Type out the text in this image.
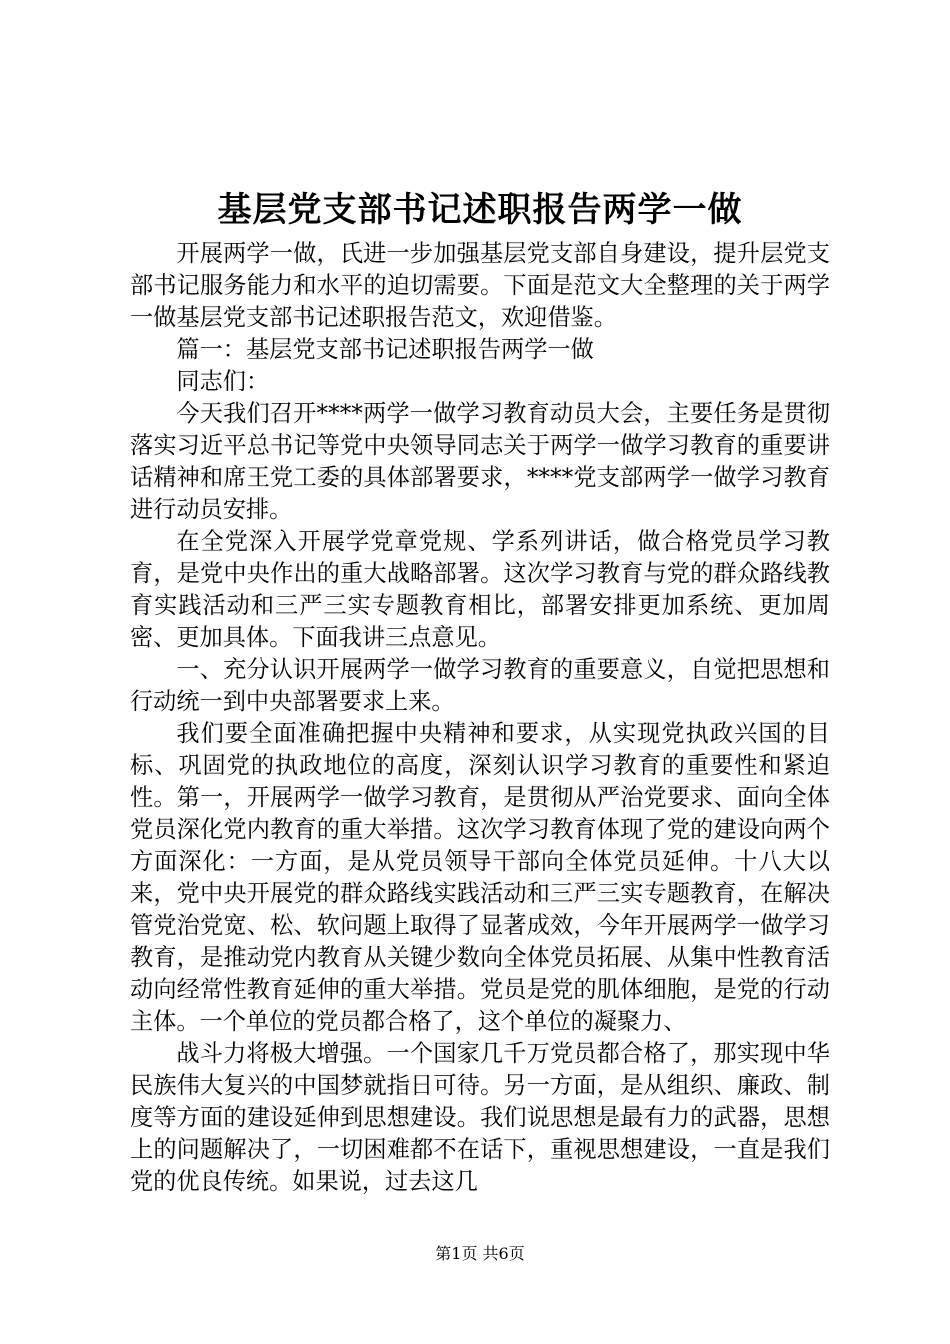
基层党支部书记述职报告两学一做

开展两学一做，氏进一步加强基层党支部自身建设，提升层党支部书记服务能力和水平的迫切需要。下面是范文大全整理的关于两学一做基层党支部书记述职报告范文，欢迎借鉴。

篇一：基层党支部书记述职报告两学一做

同志们：

今天我们召开****两学一做学习教育动员大会，主要任务是贯彻落实习近平总书记等党中央领导同志关于两学一做学习教育的重要讲话精神和席王党工委的具体部署要求，****党支部两学一做学习教育进行动员安排。

在全党深入开展学党章党规、学系列讲话，做合格党员学习教育，是党中央作出的重大战略部署。这次学习教育与党的群众路线教育实践活动和三严三实专题教育相比，部署安排更加系统、更加周密、更加具体。下面我讲三点意见。

一、充分认识开展两学一做学习教育的重要意义，自觉把思想和行动统一到中央部署要求上来。

我们要全面准确把握中央精神和要求，从实现党执政兴国的目标、巩固党的执政地位的高度，深刻认识学习教育的重要性和紧迫性。第一，开展两学一做学习教育，是贯彻从严治党要求、面向全体党员深化党内教育的重大举措。这次学习教育体现了党的建设向两个方面深化：一方面，是从党员领导干部向全体党员延伸。十八大以来，党中央开展党的群众路线实践活动和三严三实专题教育，在解决管党治党宽、松、软问题上取得了显著成效，今年开展两学一做学习教育，是推动党内教育从关键少数向全体党员拓展、从集中性教育活动向经常性教育延伸的重大举措。党员是党的肌体细胞，是党的行动主体。一个单位的党员都合格了，这个单位的凝聚力、

战斗力将极大增强。一个国家几千万党员都合格了，那实现中华民族伟大复兴的中国梦就指日可待。另一方面，是从组织、廉政、制度等方面的建设延伸到思想建设。我们说思想是最有力的武器，思想上的问题解决了，一切困难都不在话下，重视思想建设，一直是我们党的优良传统。如果说，过去这几

第1页 共6页
